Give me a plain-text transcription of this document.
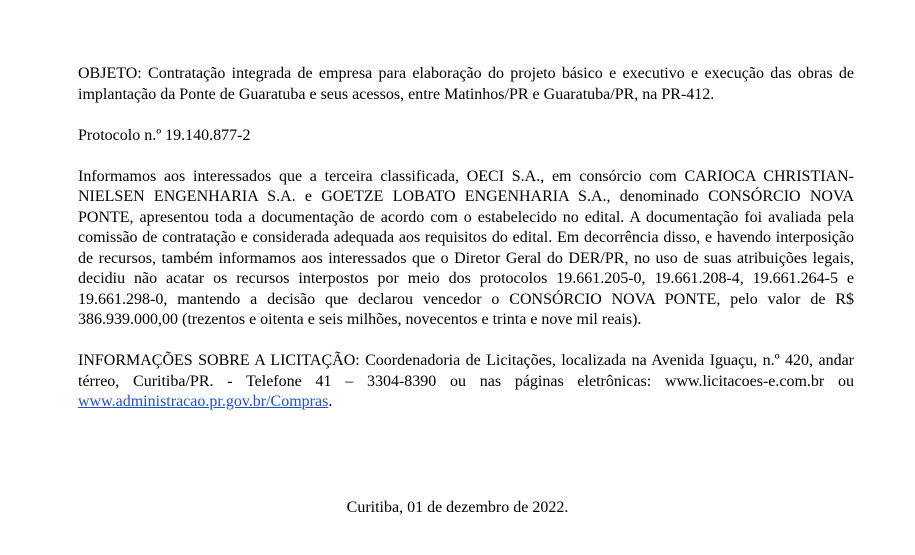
OBJETO: Contratação integrada de empresa para elaboração do projeto básico e executivo e execução das obras de implantação da Ponte de Guaratuba e seus acessos, entre Matinhos/PR e Guaratuba/PR, na PR-412.

Protocolo n.º 19.140.877-2

Informamos aos interessados que a terceira classificada, OECI S.A., em consórcio com CARIOCA CHRISTIAN-NIELSEN ENGENHARIA S.A. e GOETZE LOBATO ENGENHARIA S.A., denominado CONSÓRCIO NOVA PONTE, apresentou toda a documentação de acordo com o estabelecido no edital. A documentação foi avaliada pela comissão de contratação e considerada adequada aos requisitos do edital. Em decorrência disso, e havendo interposição de recursos, também informamos aos interessados que o Diretor Geral do DER/PR, no uso de suas atribuições legais, decidiu não acatar os recursos interpostos por meio dos protocolos 19.661.205-0, 19.661.208-4, 19.661.264-5 e 19.661.298-0, mantendo a decisão que declarou vencedor o CONSÓRCIO NOVA PONTE, pelo valor de R$ 386.939.000,00 (trezentos e oitenta e seis milhões, novecentos e trinta e nove mil reais).

INFORMAÇÕES SOBRE A LICITAÇÃO: Coordenadoria de Licitações, localizada na Avenida Iguaçu, n.º 420, andar térreo, Curitiba/PR. - Telefone 41 – 3304-8390 ou nas páginas eletrônicas: www.licitacoes-e.com.br ou www.administracao.pr.gov.br/Compras.

Curitiba, 01 de dezembro de 2022.
